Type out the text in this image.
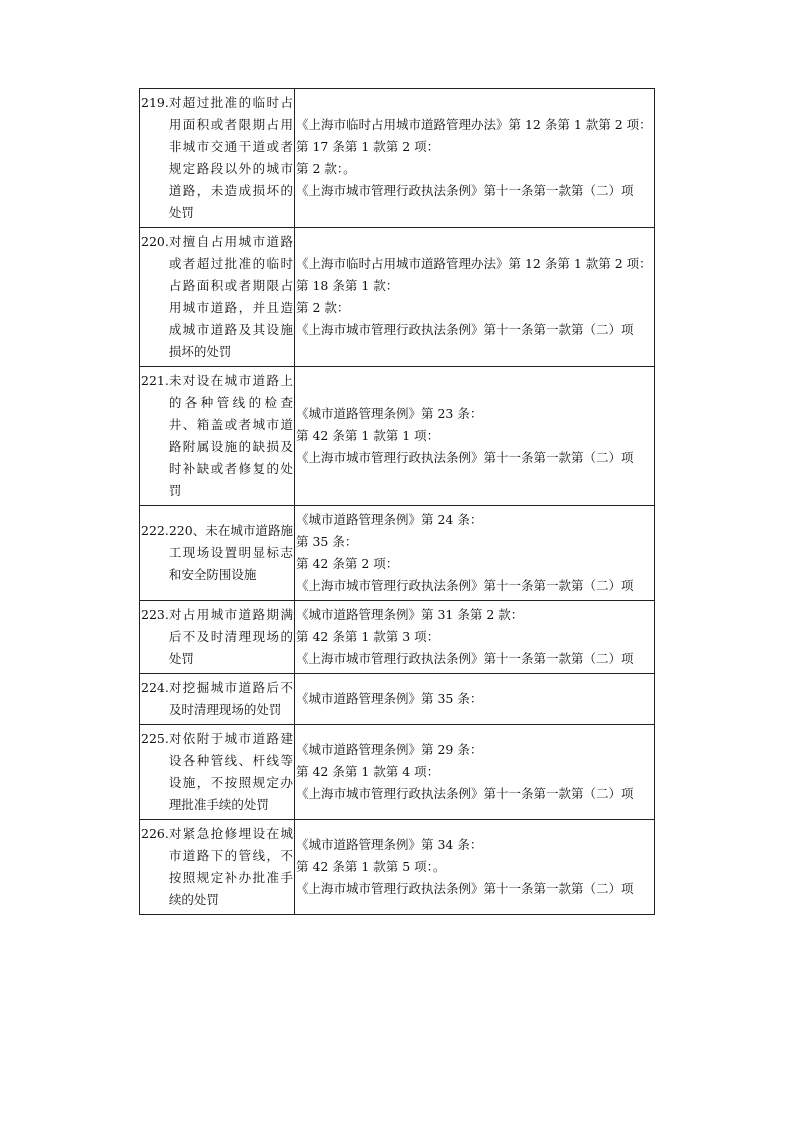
219. 对超过批准的临时占用面积或者限期占用非城市交通干道或者规定路段以外的城市道路，未造成损坏的处罚	《上海市临时占用城市道路管理办法》第 12 条第 1 款第 2 项：
第 17 条第 1 款第 2 项：
第 2 款：。
《上海市城市管理行政执法条例》第十一条第一款第（二）项

220. 对擅自占用城市道路或者超过批准的临时占路面积或者期限占用城市道路，并且造成城市道路及其设施损坏的处罚	《上海市临时占用城市道路管理办法》第 12 条第 1 款第 2 项：
第 18 条第 1 款：
第 2 款：
《上海市城市管理行政执法条例》第十一条第一款第（二）项

221. 未对设在城市道路上的各种管线的检查井、箱盖或者城市道路附属设施的缺损及时补缺或者修复的处罚	《城市道路管理条例》第 23 条：
第 42 条第 1 款第 1 项：
《上海市城市管理行政执法条例》第十一条第一款第（二）项

222. 220、未在城市道路施工现场设置明显标志和安全防围设施	《城市道路管理条例》第 24 条：
第 35 条：
第 42 条第 2 项：
《上海市城市管理行政执法条例》第十一条第一款第（二）项

223. 对占用城市道路期满后不及时清理现场的处罚	《城市道路管理条例》第 31 条第 2 款：
第 42 条第 1 款第 3 项：
《上海市城市管理行政执法条例》第十一条第一款第（二）项

224. 对挖掘城市道路后不及时清理现场的处罚	《城市道路管理条例》第 35 条：

225. 对依附于城市道路建设各种管线、杆线等设施，不按照规定办理批准手续的处罚	《城市道路管理条例》第 29 条：
第 42 条第 1 款第 4 项：
《上海市城市管理行政执法条例》第十一条第一款第（二）项

226. 对紧急抢修埋设在城市道路下的管线，不按照规定补办批准手续的处罚	《城市道路管理条例》第 34 条：
第 42 条第 1 款第 5 项：。
《上海市城市管理行政执法条例》第十一条第一款第（二）项
